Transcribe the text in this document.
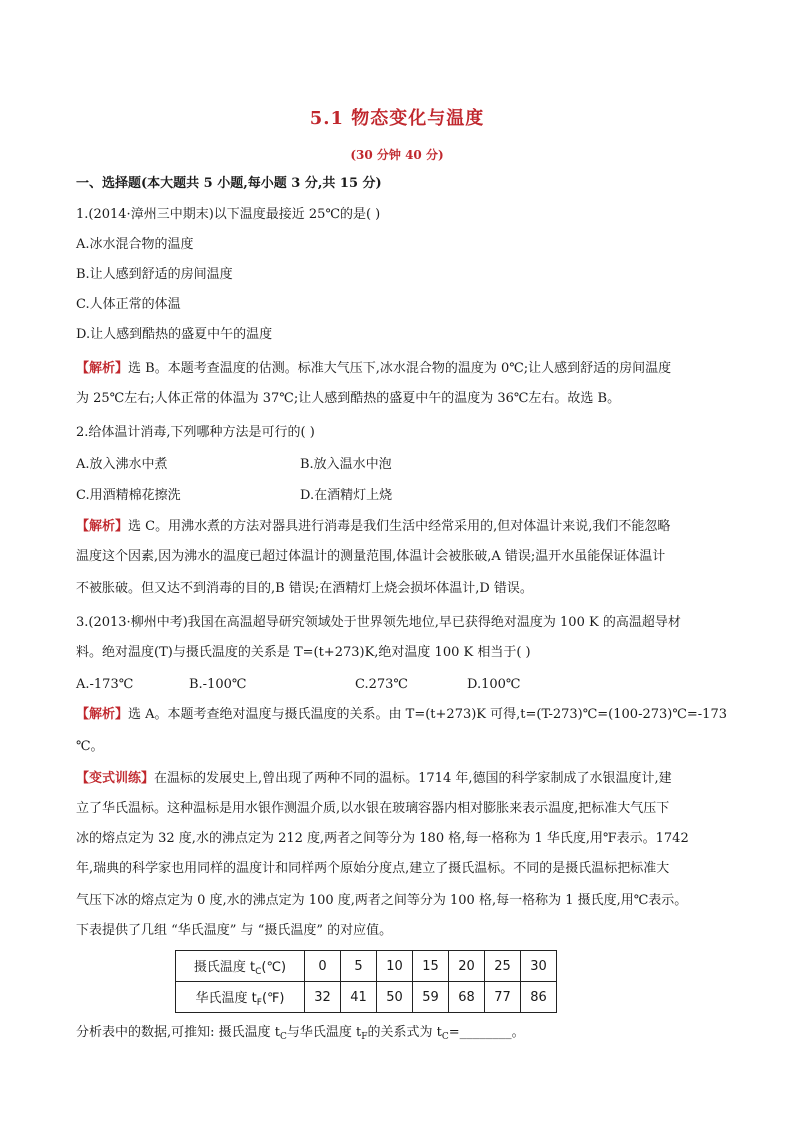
5.1 物态变化与温度
(30 分钟 40 分)
一、选择题(本大题共 5 小题,每小题 3 分,共 15 分)
1.(2014·漳州三中期末)以下温度最接近 25℃的是( )
A.冰水混合物的温度
B.让人感到舒适的房间温度
C.人体正常的体温
D.让人感到酷热的盛夏中午的温度
【解析】选 B。本题考查温度的估测。标准大气压下,冰水混合物的温度为 0℃;让人感到舒适的房间温度
为 25℃左右;人体正常的体温为 37℃;让人感到酷热的盛夏中午的温度为 36℃左右。故选 B。
2.给体温计消毒,下列哪种方法是可行的( )
A.放入沸水中煮	B.放入温水中泡
C.用酒精棉花擦洗	D.在酒精灯上烧
【解析】选 C。用沸水煮的方法对器具进行消毒是我们生活中经常采用的,但对体温计来说,我们不能忽略
温度这个因素,因为沸水的温度已超过体温计的测量范围,体温计会被胀破,A 错误;温开水虽能保证体温计
不被胀破。但又达不到消毒的目的,B 错误;在酒精灯上烧会损坏体温计,D 错误。
3.(2013·柳州中考)我国在高温超导研究领域处于世界领先地位,早已获得绝对温度为 100 K 的高温超导材
料。绝对温度(T)与摄氏温度的关系是 T=(t+273)K,绝对温度 100 K 相当于( )
A.-173℃	B.-100℃	C.273℃	D.100℃
【解析】选 A。本题考查绝对温度与摄氏温度的关系。由 T=(t+273)K 可得,t=(T-273)℃=(100-273)℃=-173
℃。
【变式训练】在温标的发展史上,曾出现了两种不同的温标。1714 年,德国的科学家制成了水银温度计,建
立了华氏温标。这种温标是用水银作测温介质,以水银在玻璃容器内相对膨胀来表示温度,把标准大气压下
冰的熔点定为 32 度,水的沸点定为 212 度,两者之间等分为 180 格,每一格称为 1 华氏度,用℉表示。1742
年,瑞典的科学家也用同样的温度计和同样两个原始分度点,建立了摄氏温标。不同的是摄氏温标把标准大
气压下冰的熔点定为 0 度,水的沸点定为 100 度,两者之间等分为 100 格,每一格称为 1 摄氏度,用℃表示。
下表提供了几组 “华氏温度” 与 “摄氏温度” 的对应值。
摄氏温度 $t_C(℃)$	0	5	10	15	20	25	30
华氏温度 $t_F(℉)$	32	41	50	59	68	77	86
分析表中的数据,可推知: 摄氏温度 $t_C$与华氏温度 $t_F$的关系式为 $t_C=\_\_\_\_\_\_\_\_$。
